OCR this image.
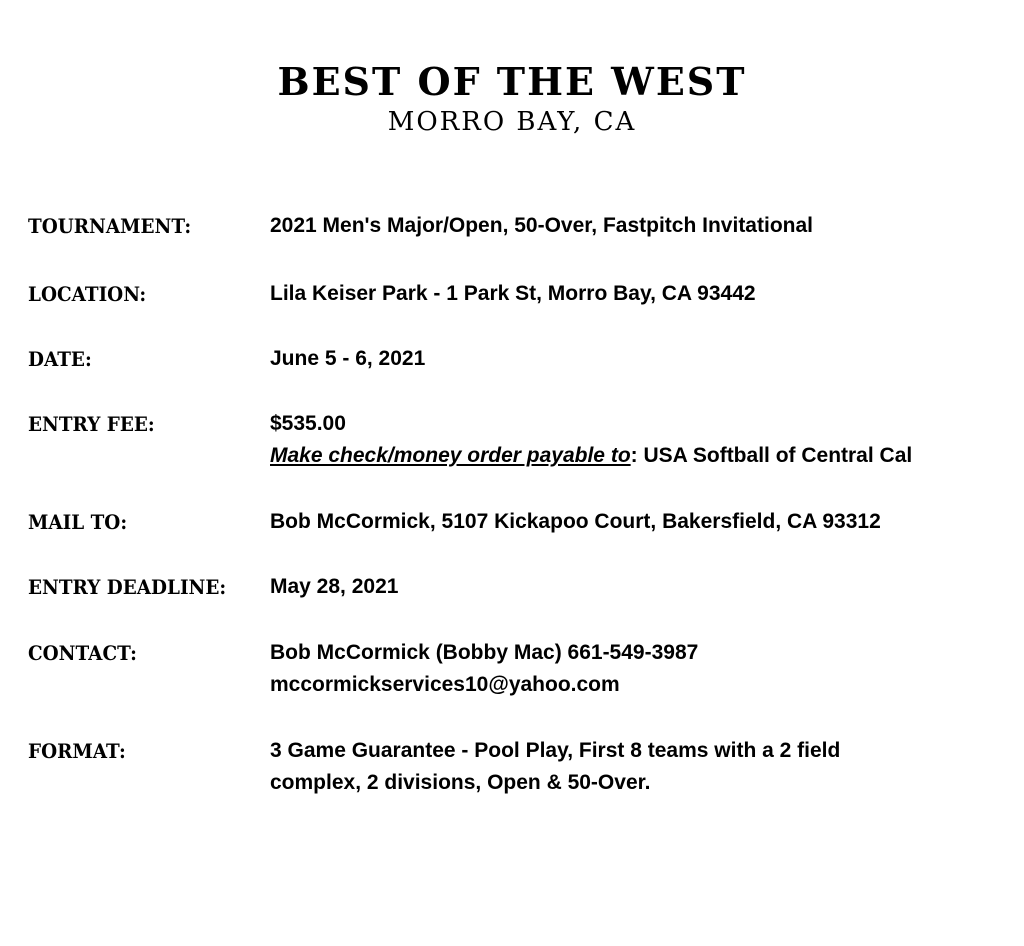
BEST OF THE WEST
MORRO BAY, CA
TOURNAMENT:	2021 Men's Major/Open, 50-Over, Fastpitch Invitational
LOCATION:	Lila Keiser Park - 1 Park St, Morro Bay, CA 93442
DATE:	June 5 - 6, 2021
ENTRY FEE:	$535.00
Make check/money order payable to: USA Softball of Central Cal
MAIL TO:	Bob McCormick, 5107 Kickapoo Court, Bakersfield, CA 93312
ENTRY DEADLINE: May 28, 2021
CONTACT:	Bob McCormick (Bobby Mac) 661-549-3987
mccormickservices10@yahoo.com
FORMAT:	3 Game Guarantee - Pool Play, First 8 teams with a 2 field
complex, 2 divisions, Open & 50-Over.
